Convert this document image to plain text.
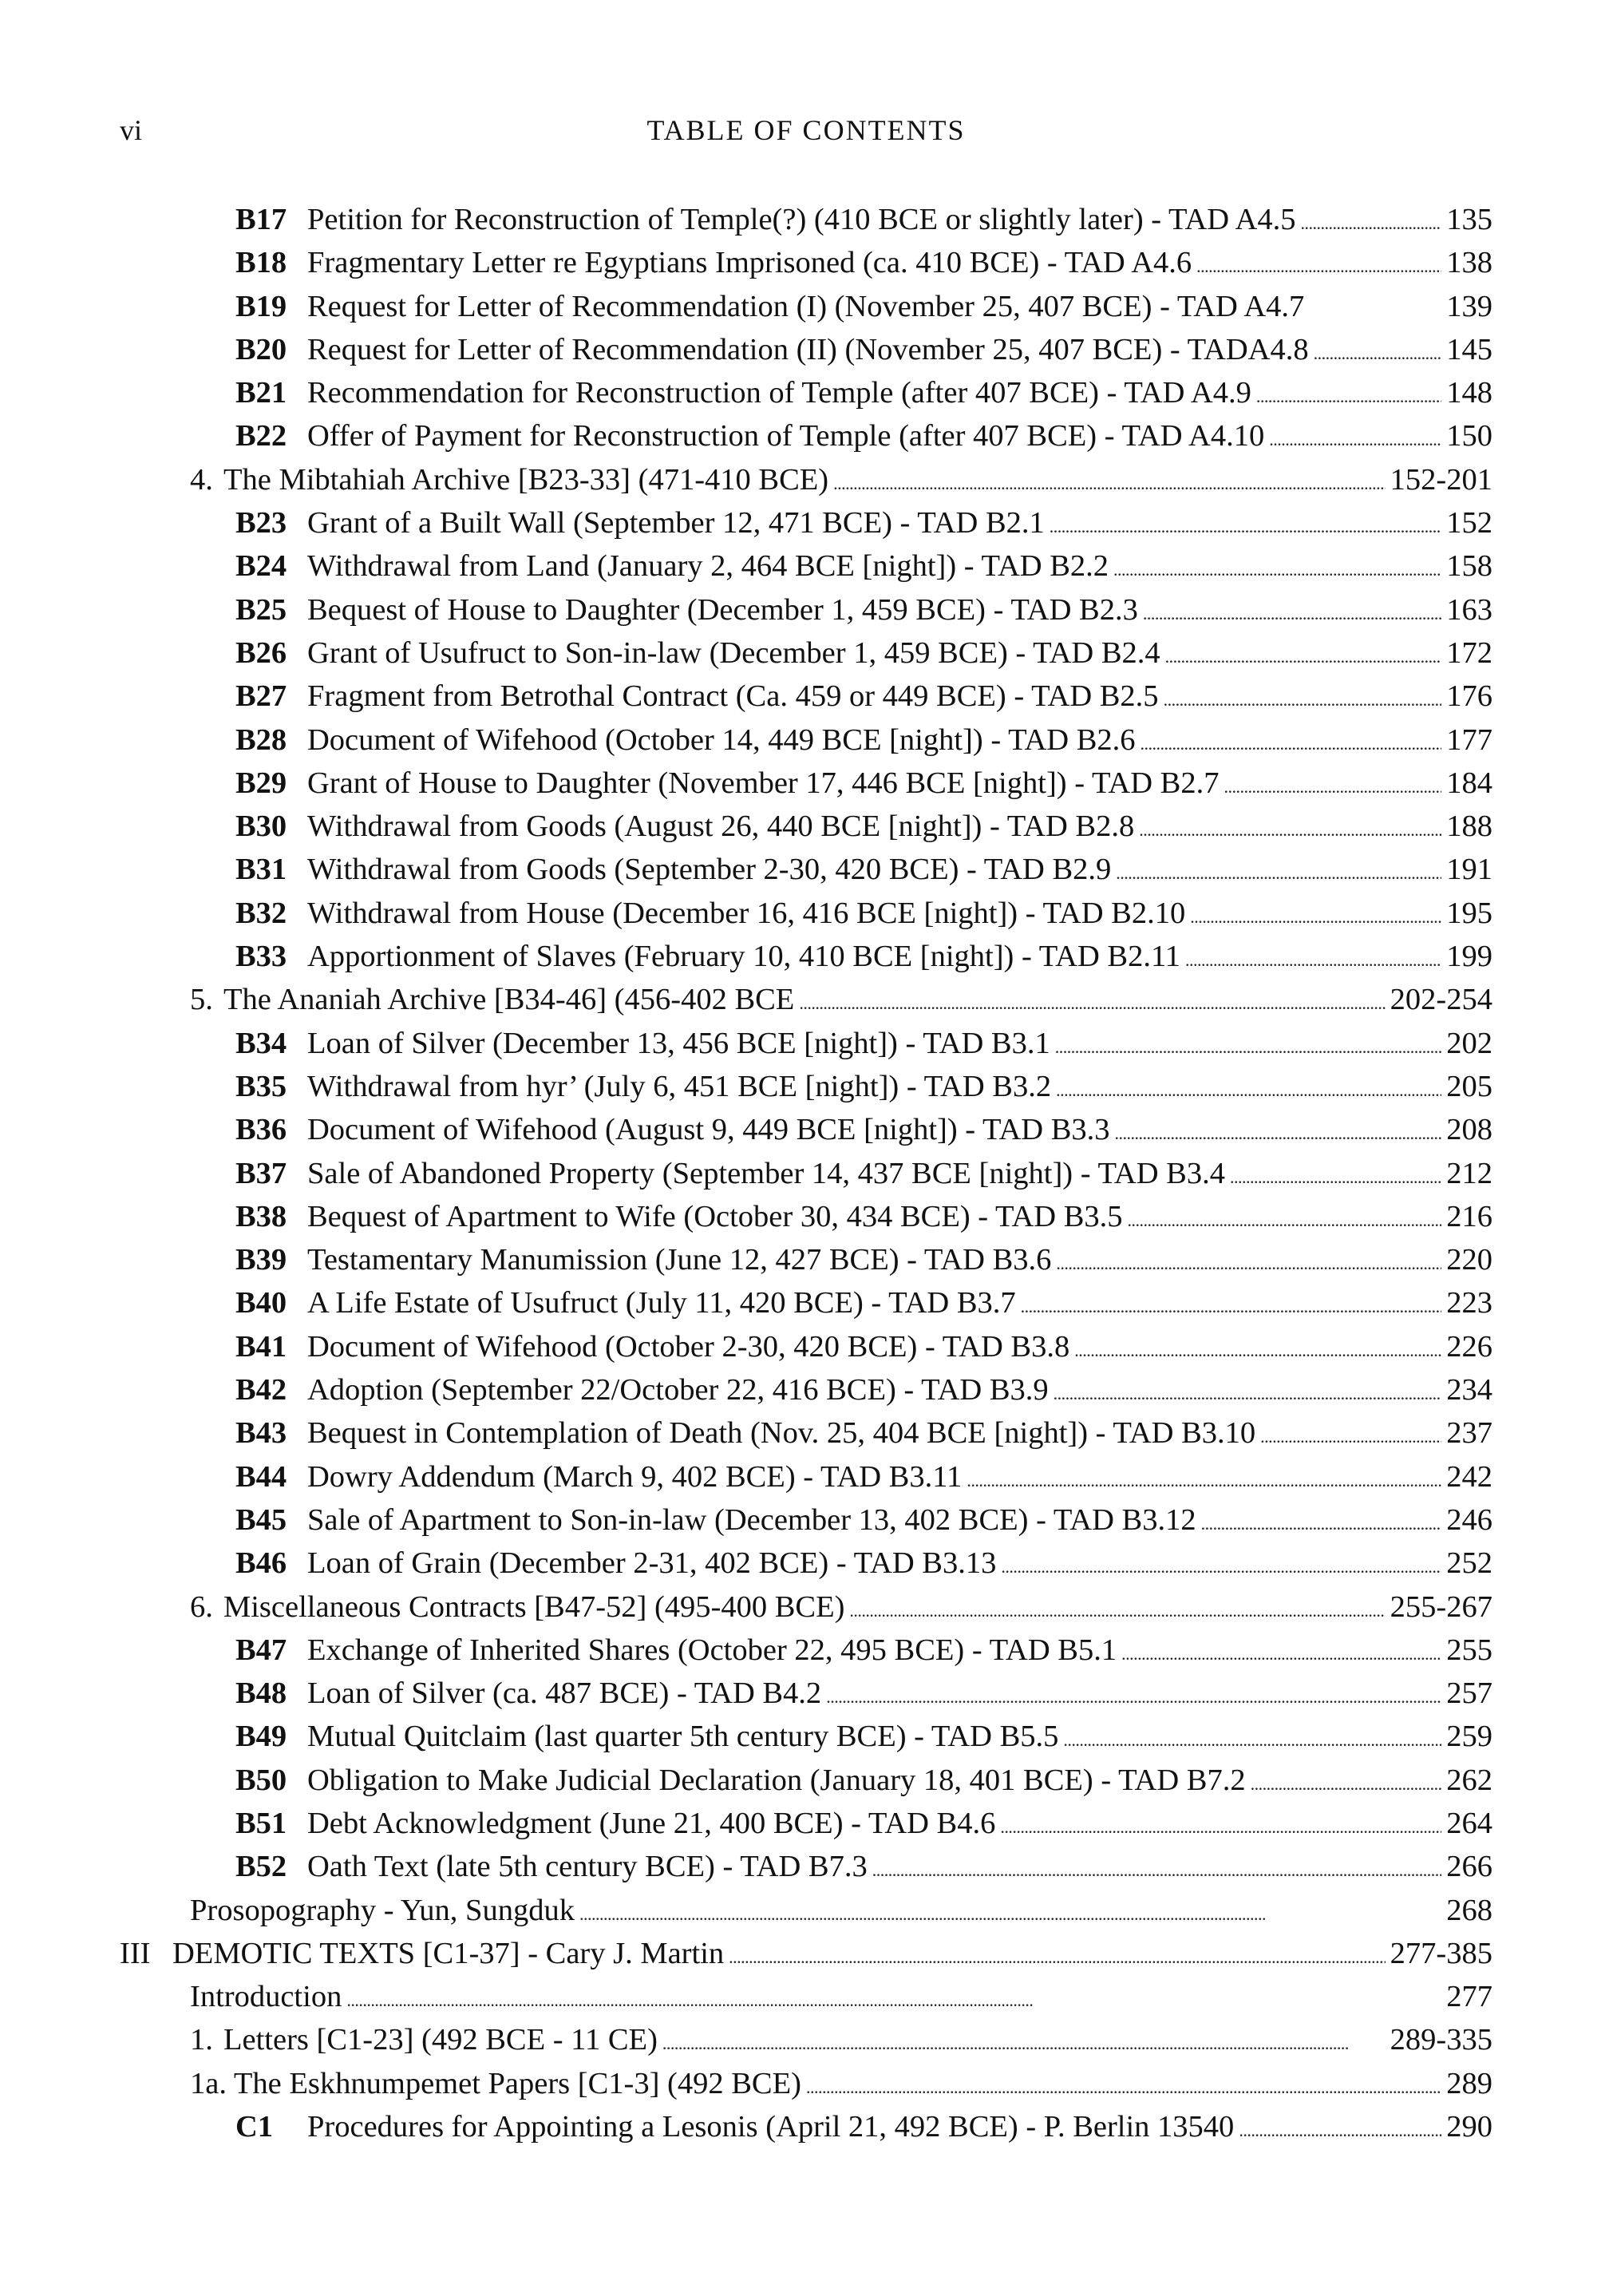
vi	TABLE OF CONTENTS
B17 Petition for Reconstruction of Temple(?) (410 BCE or slightly later) - TAD A4.5 . . .	135
B18 Fragmentary Letter re Egyptians Imprisoned (ca. 410 BCE) - TAD A4.6 . . .	138
B19 Request for Letter of Recommendation (I) (November 25, 407 BCE) - TAD A4.7	139
B20 Request for Letter of Recommendation (II) (November 25, 407 BCE) - TADA4.8 . . .	145
B21 Recommendation for Reconstruction of Temple (after 407 BCE) - TAD A4.9 . . .	148
B22 Offer of Payment for Reconstruction of Temple (after 407 BCE) - TAD A4.10 . . .	150
4. The Mibtahiah Archive [B23-33] (471-410 BCE) . . .	152-201
B23 Grant of a Built Wall (September 12, 471 BCE) - TAD B2.1 . . .	152
B24 Withdrawal from Land (January 2, 464 BCE [night]) - TAD B2.2 . . .	158
B25 Bequest of House to Daughter (December 1, 459 BCE) - TAD B2.3 . . .	163
B26 Grant of Usufruct to Son-in-law (December 1, 459 BCE) - TAD B2.4 . . .	172
B27 Fragment from Betrothal Contract (Ca. 459 or 449 BCE) - TAD B2.5 . . .	176
B28 Document of Wifehood (October 14, 449 BCE [night]) - TAD B2.6 . . .	177
B29 Grant of House to Daughter (November 17, 446 BCE [night]) - TAD B2.7 . . .	184
B30 Withdrawal from Goods (August 26, 440 BCE [night]) - TAD B2.8 . . .	188
B31 Withdrawal from Goods (September 2-30, 420 BCE) - TAD B2.9 . . .	191
B32 Withdrawal from House (December 16, 416 BCE [night]) - TAD B2.10 . . .	195
B33 Apportionment of Slaves (February 10, 410 BCE [night]) - TAD B2.11 . . .	199
5. The Ananiah Archive [B34-46] (456-402 BCE . . .	202-254
B34 Loan of Silver (December 13, 456 BCE [night]) - TAD B3.1 . . .	202
B35 Withdrawal from hyr’ (July 6, 451 BCE [night]) - TAD B3.2 . . .	205
B36 Document of Wifehood (August 9, 449 BCE [night]) - TAD B3.3 . . .	208
B37 Sale of Abandoned Property (September 14, 437 BCE [night]) - TAD B3.4 . . .	212
B38 Bequest of Apartment to Wife (October 30, 434 BCE) - TAD B3.5 . . .	216
B39 Testamentary Manumission (June 12, 427 BCE) - TAD B3.6 . . .	220
B40 A Life Estate of Usufruct (July 11, 420 BCE) - TAD B3.7 . . .	223
B41 Document of Wifehood (October 2-30, 420 BCE) - TAD B3.8 . . .	226
B42 Adoption (September 22/October 22, 416 BCE) - TAD B3.9 . . .	234
B43 Bequest in Contemplation of Death (Nov. 25, 404 BCE [night]) - TAD B3.10 . . .	237
B44 Dowry Addendum (March 9, 402 BCE) - TAD B3.11 . . .	242
B45 Sale of Apartment to Son-in-law (December 13, 402 BCE) - TAD B3.12 . . .	246
B46 Loan of Grain (December 2-31, 402 BCE) - TAD B3.13 . . .	252
6. Miscellaneous Contracts [B47-52] (495-400 BCE) . . .	255-267
B47 Exchange of Inherited Shares (October 22, 495 BCE) - TAD B5.1 . . .	255
B48 Loan of Silver (ca. 487 BCE) - TAD B4.2 . . .	257
B49 Mutual Quitclaim (last quarter 5th century BCE) - TAD B5.5 . . .	259
B50 Obligation to Make Judicial Declaration (January 18, 401 BCE) - TAD B7.2 . . .	262
B51 Debt Acknowledgment (June 21, 400 BCE) - TAD B4.6 . . .	264
B52 Oath Text (late 5th century BCE) - TAD B7.3 . . .	266
Prosopography - Yun, Sungduk . . .	268
III DEMOTIC TEXTS [C1-37] - Cary J. Martin . . .	277-385
Introduction . . .	277
1. Letters [C1-23] (492 BCE - 11 CE) . . .	289-335
1a. The Eskhnumpemet Papers [C1-3] (492 BCE) . . .	289
C1	Procedures for Appointing a Lesonis (April 21, 492 BCE) - P. Berlin 13540 . . .	290
